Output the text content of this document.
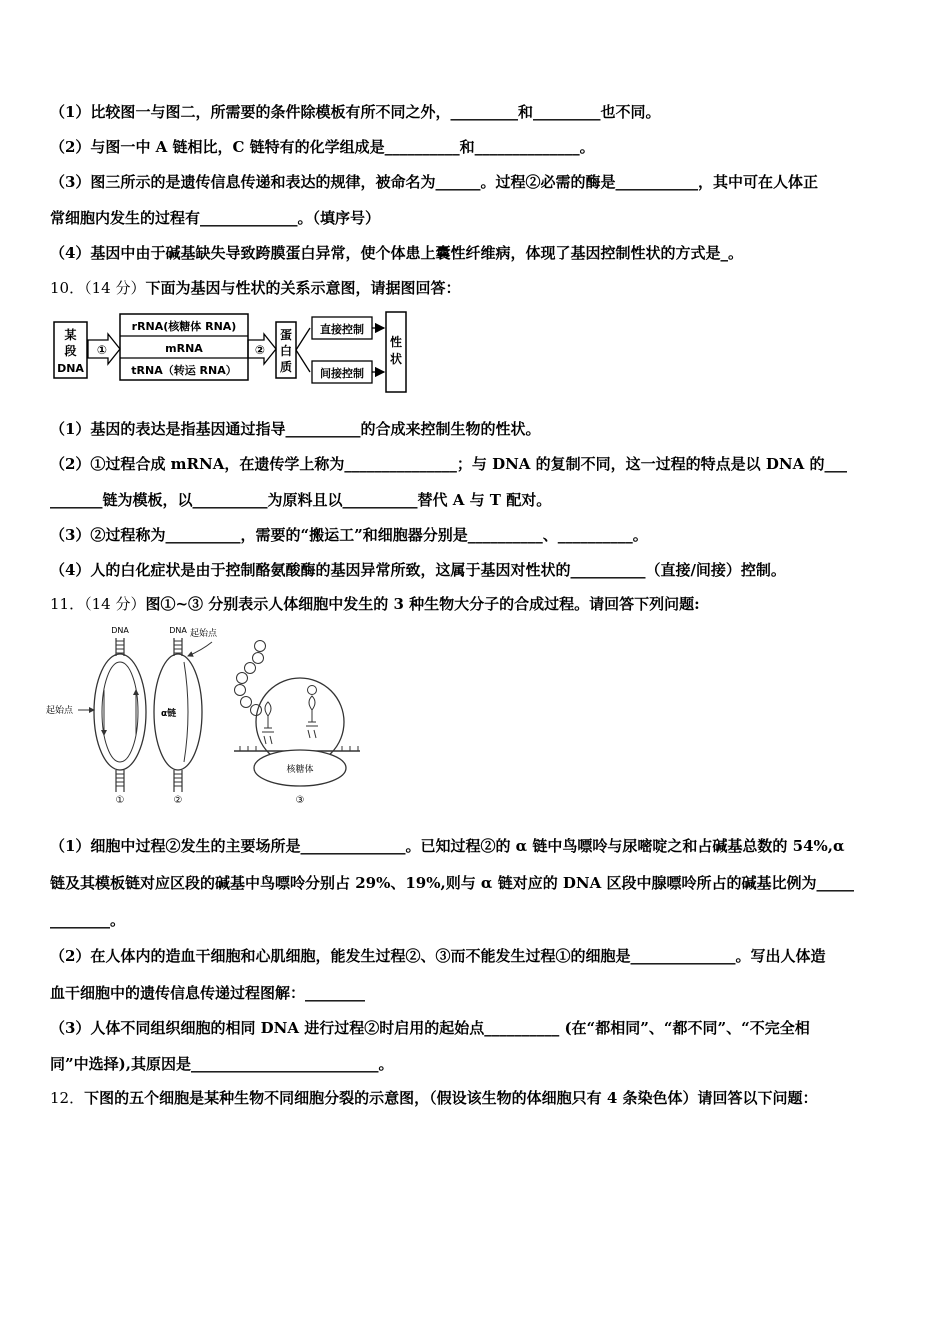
（1）比较图一与图二，所需要的条件除模板有所不同之外，_________和_________也不同。
（2）与图一中 A 链相比，C 链特有的化学组成是__________和______________。
（3）图三所示的是遗传信息传递和表达的规律，被命名为______。过程②必需的酶是___________，其中可在人体正
常细胞内发生的过程有_____________。（填序号）
（4）基因中由于碱基缺失导致跨膜蛋白异常，使个体患上囊性纤维病，体现了基因控制性状的方式是_。
10．（14 分）下面为基因与性状的关系示意图，请据图回答：
某
段
DNA
①
rRNA(核糖体 RNA)
mRNA
tRNA（转运 RNA）
②
蛋
白
质
直接控制
间接控制
性
状
（1）基因的表达是指基因通过指导__________的合成来控制生物的性状。
（2）①过程合成 mRNA，在遗传学上称为_______________；与 DNA 的复制不同，这一过程的特点是以 DNA 的___
_______链为模板，以__________为原料且以__________替代 A 与 T 配对。
（3）②过程称为__________，需要的“搬运工”和细胞器分别是__________、__________。
（4）人的白化症状是由于控制酪氨酸酶的基因异常所致，这属于基因对性状的__________（直接/间接）控制。
11．（14 分）图①~③ 分别表示人体细胞中发生的 3 种生物大分子的合成过程。请回答下列问题:
DNA
起始点
①
DNA
α链
起始点
②
核糖体
③
（1）细胞中过程②发生的主要场所是______________。已知过程②的 α 链中鸟嘌呤与尿嘧啶之和占碱基总数的 54%,α
链及其模板链对应区段的碱基中鸟嘌呤分别占 29%、19%,则与 α 链对应的 DNA 区段中腺嘌呤所占的碱基比例为_____
________。
（2）在人体内的造血干细胞和心肌细胞，能发生过程②、③而不能发生过程①的细胞是______________。写出人体造
血干细胞中的遗传信息传递过程图解：________
（3）人体不同组织细胞的相同 DNA 进行过程②时启用的起始点__________ (在“都相同”、“都不同”、“不完全相
同”中选择),其原因是_________________________。
12．下图的五个细胞是某种生物不同细胞分裂的示意图，（假设该生物的体细胞只有 4 条染色体）请回答以下问题：
